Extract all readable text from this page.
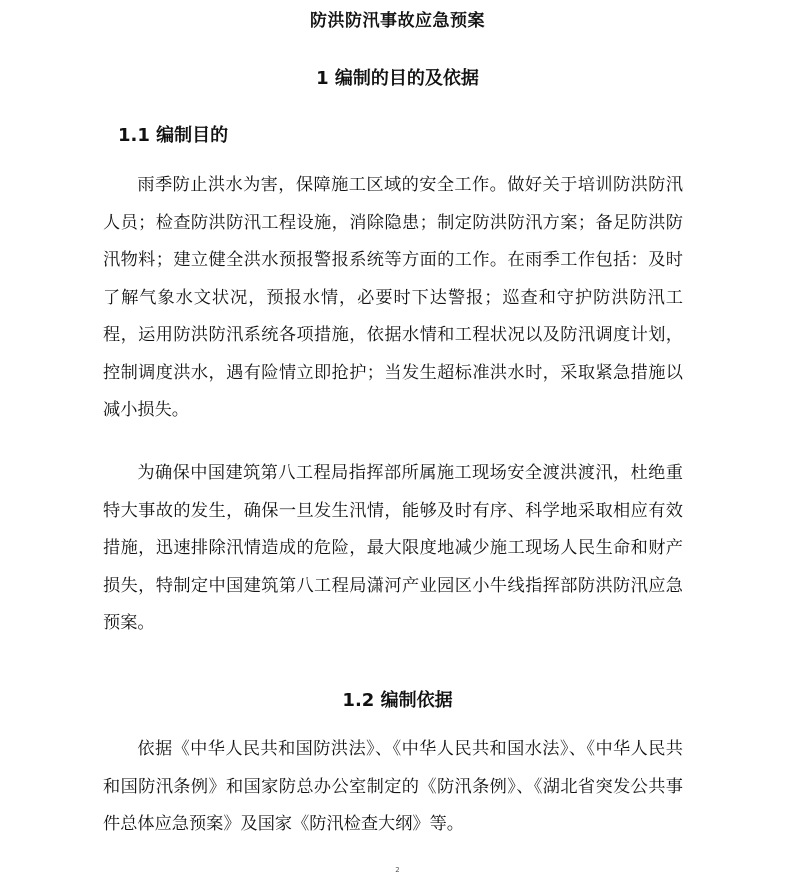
防洪防汛事故应急预案
1 编制的目的及依据
1.1 编制目的

雨季防止洪水为害，保障施工区域的安全工作。做好关于培训防洪防汛人员；检查防洪防汛工程设施，消除隐患；制定防洪防汛方案；备足防洪防汛物料；建立健全洪水预报警报系统等方面的工作。在雨季工作包括：及时了解气象水文状况，预报水情，必要时下达警报；巡查和守护防洪防汛工程，运用防洪防汛系统各项措施，依据水情和工程状况以及防汛调度计划，控制调度洪水，遇有险情立即抢护；当发生超标准洪水时，采取紧急措施以减小损失。

为确保中国建筑第八工程局指挥部所属施工现场安全渡洪渡汛，杜绝重特大事故的发生，确保一旦发生汛情，能够及时有序、科学地采取相应有效措施，迅速排除汛情造成的危险，最大限度地减少施工现场人民生命和财产损失，特制定中国建筑第八工程局潇河产业园区小牛线指挥部防洪防汛应急预案。

1.2 编制依据

依据《中华人民共和国防洪法》、《中华人民共和国水法》、《中华人民共和国防汛条例》和国家防总办公室制定的《防汛条例》、《湖北省突发公共事件总体应急预案》及国家《防汛检查大纲》等。

2
